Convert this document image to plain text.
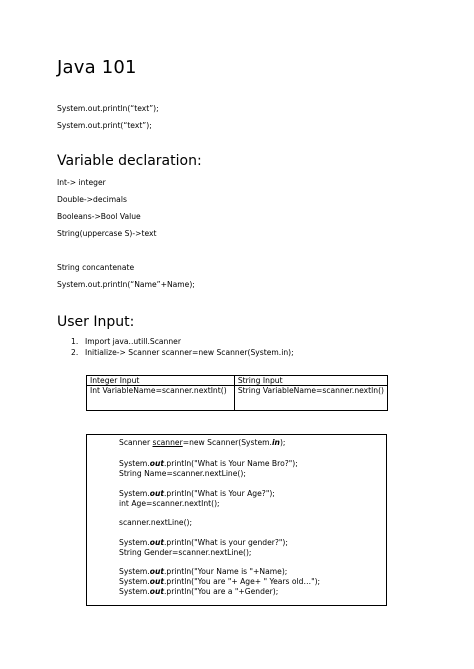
Java 101
System.out.println(“text”);
System.out.print(“text”);
Variable declaration:
Int-> integer
Double->decimals
Booleans->Bool Value
String(uppercase S)->text
String concantenate
System.out.println(“Name”+Name);
User Input:
1. Import java..utill.Scanner
2. Initialize-> Scanner scanner=new Scanner(System.in);
Integer Input	String Input
Int VariableName=scanner.nextInt()	String VariableName=scanner.nextln()
Scanner scanner=new Scanner(System.in);
System.out.println("What is Your Name Bro?");
String Name=scanner.nextLine();
System.out.println("What is Your Age?");
int Age=scanner.nextInt();
scanner.nextLine();
System.out.println("What is your gender?");
String Gender=scanner.nextLine();
System.out.println("Your Name is "+Name);
System.out.println("You are "+ Age+ " Years old…");
System.out.println("You are a "+Gender);
